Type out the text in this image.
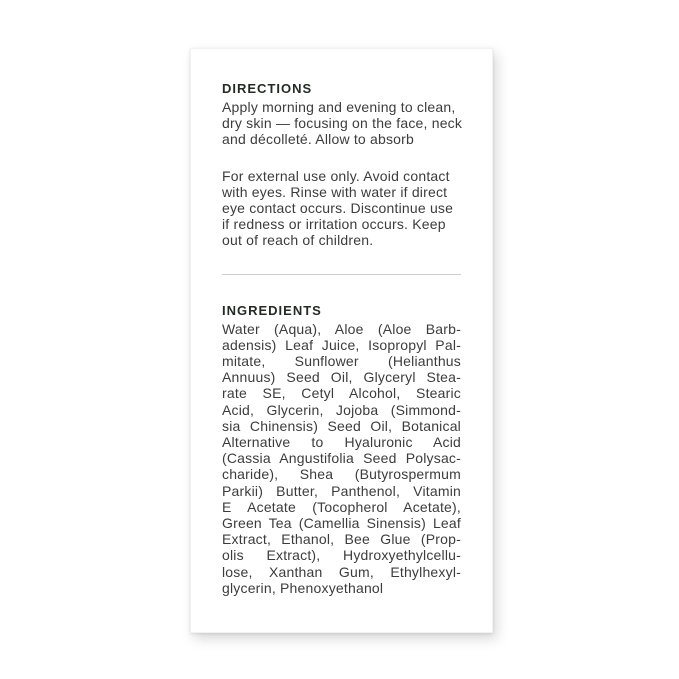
DIRECTIONS
Apply morning and evening to clean,
dry skin — focusing on the face, neck
and décolleté. Allow to absorb
For external use only. Avoid contact
with eyes. Rinse with water if direct
eye contact occurs. Discontinue use
if redness or irritation occurs. Keep
out of reach of children.
INGREDIENTS
Water (Aqua), Aloe (Aloe Barb-
adensis) Leaf Juice, Isopropyl Pal-
mitate, Sunflower (Helianthus
Annuus) Seed Oil, Glyceryl Stea-
rate SE, Cetyl Alcohol, Stearic
Acid, Glycerin, Jojoba (Simmond-
sia Chinensis) Seed Oil, Botanical
Alternative to Hyaluronic Acid
(Cassia Angustifolia Seed Polysac-
charide), Shea (Butyrospermum
Parkii) Butter, Panthenol, Vitamin
E Acetate (Tocopherol Acetate),
Green Tea (Camellia Sinensis) Leaf
Extract, Ethanol, Bee Glue (Prop-
olis Extract), Hydroxyethylcellu-
lose, Xanthan Gum, Ethylhexyl-
glycerin, Phenoxyethanol
